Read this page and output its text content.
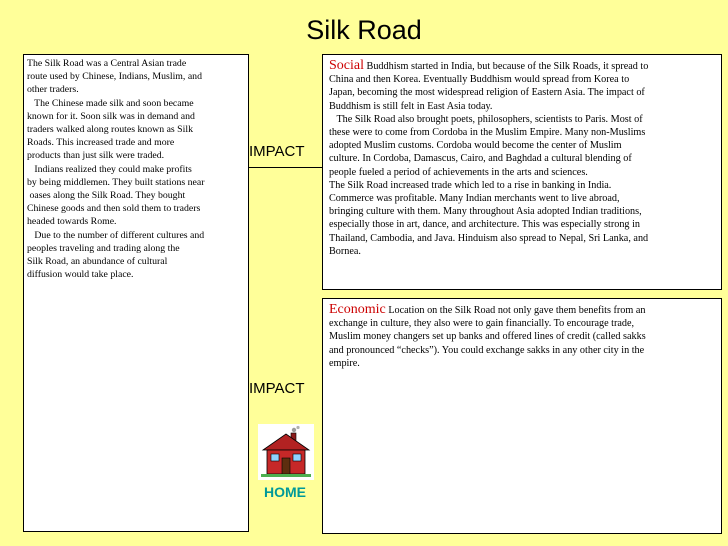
Silk Road

The Silk Road was a Central Asian trade

route used by Chinese, Indians, Muslim, and

other traders.

The Chinese made silk and soon became

known for it. Soon silk was in demand and

traders walked along routes known as Silk

Roads. This increased trade and more

products than just silk were traded.

Indians realized they could make profits

by being middlemen. They built stations near

oases along the Silk Road. They bought

Chinese goods and then sold them to traders

headed towards Rome.

Due to the number of different cultures and

peoples traveling and trading along the

Silk Road, an abundance of cultural

diffusion would take place.

IMPACT

Social Buddhism started in India, but because of the Silk Roads, it spread to

China and then Korea. Eventually Buddhism would spread from Korea to

Japan, becoming the most widespread religion of Eastern Asia. The impact of

Buddhism is still felt in East Asia today.

The Silk Road also brought poets, philosophers, scientists to Paris. Most of

these were to come from Cordoba in the Muslim Empire. Many non-Muslims

adopted Muslim customs. Cordoba would become the center of Muslim

culture. In Cordoba, Damascus, Cairo, and Baghdad a cultural blending of

people fueled a period of achievements in the arts and sciences.

The Silk Road increased trade which led to a rise in banking in India.

Commerce was profitable. Many Indian merchants went to live abroad,

bringing culture with them. Many throughout Asia adopted Indian traditions,

especially those in art, dance, and architecture. This was especially strong in

Thailand, Cambodia, and Java. Hinduism also spread to Nepal, Sri Lanka, and

Bornea.

IMPACT

Economic Location on the Silk Road not only gave them benefits from an

exchange in culture, they also were to gain financially. To encourage trade,

Muslim money changers set up banks and offered lines of credit (called sakks

and pronounced “checks”). You could exchange sakks in any other city in the

empire.

HOME
